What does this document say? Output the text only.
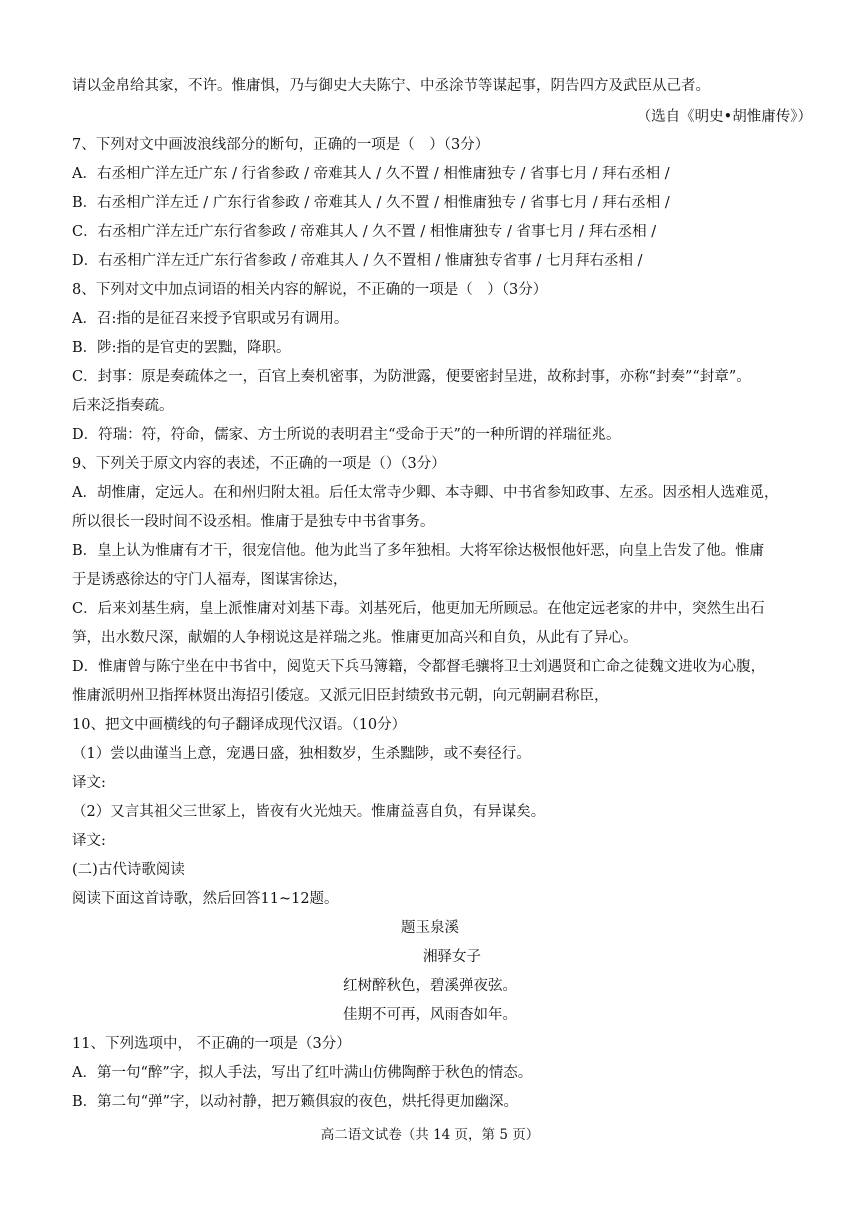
请以金帛给其家，不许。惟庸惧，乃与御史大夫陈宁、中丞涂节等谋起事，阴告四方及武臣从己者。
（选自《明史•胡惟庸传》）
7、下列对文中画波浪线部分的断句，正确的一项是（　）（3分）
A．右丞相广洋左迁广东 / 行省参政 / 帝难其人 / 久不置 / 相惟庸独专 / 省事七月 / 拜右丞相 /
B．右丞相广洋左迁 / 广东行省参政 / 帝难其人 / 久不置 / 相惟庸独专 / 省事七月 / 拜右丞相 /
C．右丞相广洋左迁广东行省参政 / 帝难其人 / 久不置 / 相惟庸独专 / 省事七月 / 拜右丞相 /
D．右丞相广洋左迁广东行省参政 / 帝难其人 / 久不置相 / 惟庸独专省事 / 七月拜右丞相 /
8、下列对文中加点词语的相关内容的解说，不正确的一项是（　）（3分）
A．召:指的是征召来授予官职或另有调用。
B．陟:指的是官吏的罢黜，降职。
C．封事：原是奏疏体之一，百官上奏机密事，为防泄露，便要密封呈进，故称封事，亦称“封奏”“封章”。
后来泛指奏疏。
D．符瑞：符，符命，儒家、方士所说的表明君主“受命于天”的一种所谓的祥瑞征兆。
9、下列关于原文内容的表述，不正确的一项是（）（3分）
A．胡惟庸，定远人。在和州归附太祖。后任太常寺少卿、本寺卿、中书省参知政事、左丞。因丞相人选难觅，
所以很长一段时间不设丞相。惟庸于是独专中书省事务。
B．皇上认为惟庸有才干，很宠信他。他为此当了多年独相。大将军徐达极恨他奸恶，向皇上告发了他。惟庸
于是诱惑徐达的守门人福寿，图谋害徐达，
C．后来刘基生病，皇上派惟庸对刘基下毒。刘基死后，他更加无所顾忌。在他定远老家的井中，突然生出石
笋，出水数尺深，献媚的人争栩说这是祥瑞之兆。惟庸更加高兴和自负，从此有了异心。
D．惟庸曾与陈宁坐在中书省中，阅览天下兵马簿籍，令都督毛骧将卫士刘遇贤和亡命之徒魏文进收为心腹，
惟庸派明州卫指挥林贤出海招引倭寇。又派元旧臣封绩致书元朝，向元朝嗣君称臣，
10、把文中画横线的句子翻译成现代汉语。（10分）
（1）尝以曲谨当上意，宠遇日盛，独相数岁，生杀黜陟，或不奏径行。
译文:
（2）又言其祖父三世冢上，皆夜有火光烛天。惟庸益喜自负，有异谋矣。
译文:
(二)古代诗歌阅读
阅读下面这首诗歌，然后回答11~12题。
题玉泉溪
湘驿女子
红树醉秋色，碧溪弹夜弦。
佳期不可再，风雨杳如年。
11、下列选项中， 不正确的一项是（3分）
A．第一句“醉”字，拟人手法，写出了红叶满山仿佛陶醉于秋色的情态。
B．第二句“弹”字，以动衬静，把万籁俱寂的夜色，烘托得更加幽深。
高二语文试卷（共 14 页，第 5 页）
